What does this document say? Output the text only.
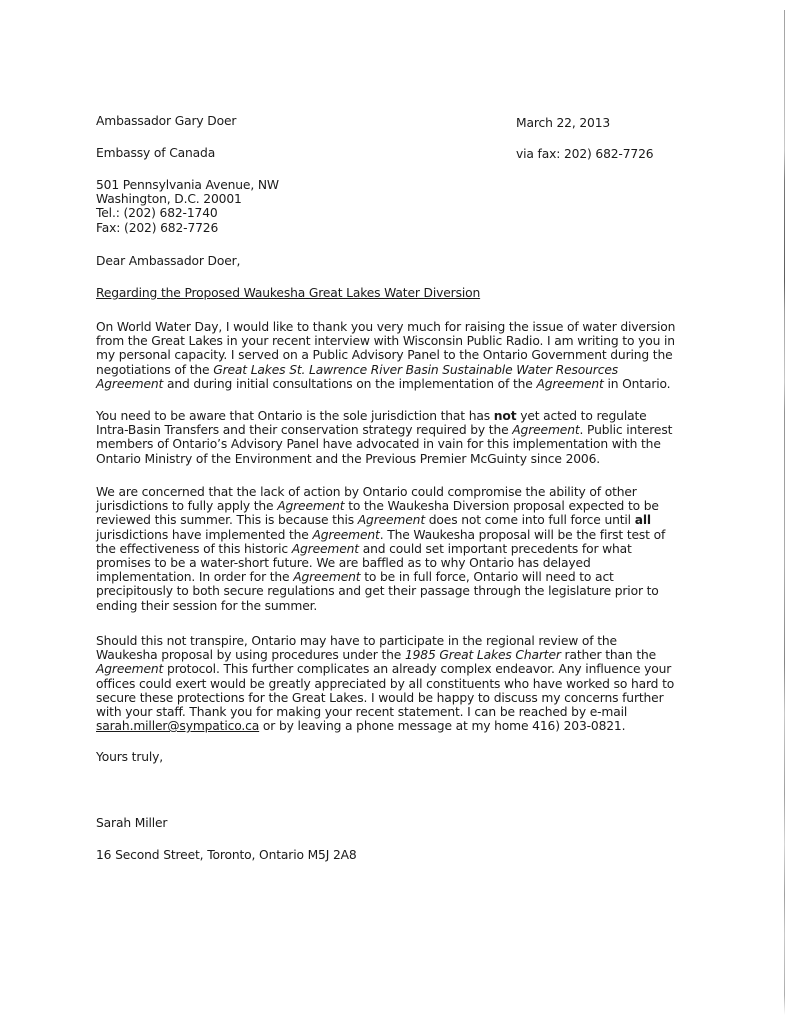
Ambassador Gary Doer
Embassy of Canada
501 Pennsylvania Avenue, NW
Washington, D.C. 20001
Tel.: (202) 682-1740
Fax: (202) 682-7726
March 22, 2013
via fax: 202) 682-7726
Dear Ambassador Doer,
Regarding the Proposed Waukesha Great Lakes Water Diversion
On World Water Day, I would like to thank you very much for raising the issue of water diversion
from the Great Lakes in your recent interview with Wisconsin Public Radio. I am writing to you in
my personal capacity. I served on a Public Advisory Panel to the Ontario Government during the
negotiations of the Great Lakes St. Lawrence River Basin Sustainable Water Resources
Agreement and during initial consultations on the implementation of the Agreement in Ontario.
You need to be aware that Ontario is the sole jurisdiction that has not yet acted to regulate
Intra-Basin Transfers and their conservation strategy required by the Agreement. Public interest
members of Ontario’s Advisory Panel have advocated in vain for this implementation with the
Ontario Ministry of the Environment and the Previous Premier McGuinty since 2006.
We are concerned that the lack of action by Ontario could compromise the ability of other
jurisdictions to fully apply the Agreement to the Waukesha Diversion proposal expected to be
reviewed this summer. This is because this Agreement does not come into full force until all
jurisdictions have implemented the Agreement. The Waukesha proposal will be the first test of
the effectiveness of this historic Agreement and could set important precedents for what
promises to be a water-short future. We are baffled as to why Ontario has delayed
implementation. In order for the Agreement to be in full force, Ontario will need to act
precipitously to both secure regulations and get their passage through the legislature prior to
ending their session for the summer.
Should this not transpire, Ontario may have to participate in the regional review of the
Waukesha proposal by using procedures under the 1985 Great Lakes Charter rather than the
Agreement protocol. This further complicates an already complex endeavor. Any influence your
offices could exert would be greatly appreciated by all constituents who have worked so hard to
secure these protections for the Great Lakes. I would be happy to discuss my concerns further
with your staff. Thank you for making your recent statement. I can be reached by e-mail
sarah.miller@sympatico.ca or by leaving a phone message at my home 416) 203-0821.
Yours truly,
Sarah Miller
16 Second Street, Toronto, Ontario M5J 2A8
